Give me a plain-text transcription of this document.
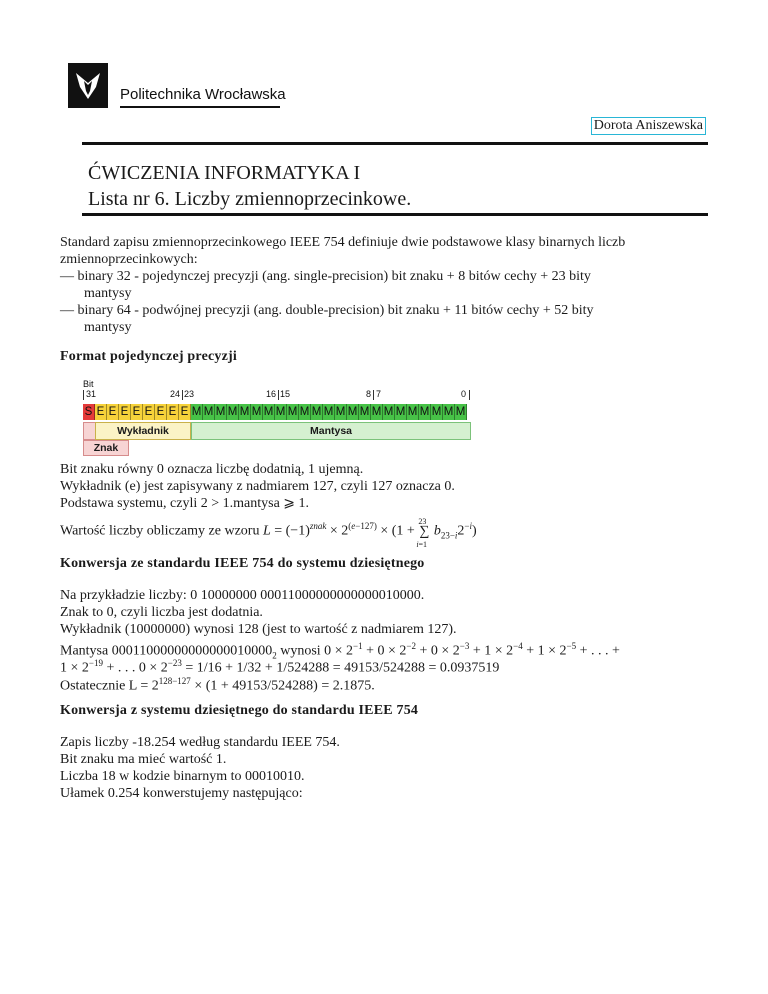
Politechnika Wrocławska
Dorota Aniszewska
ĆWICZENIA INFORMATYKA I
Lista nr 6. Liczby zmiennoprzecinkowe.
Standard zapisu zmiennoprzecinkowego IEEE 754 definiuje dwie podstawowe klasy binarnych liczb zmiennoprzecinkowych:
— binary 32 - pojedynczej precyzji (ang. single-precision) bit znaku + 8 bitów cechy + 23 bity
mantysy
— binary 64 - podwójnej precyzji (ang. double-precision) bit znaku + 11 bitów cechy + 52 bity
mantysy
Format pojedynczej precyzji
Bit
31	24 23	16 15	8 7	0
S E E E E E E E E M M M M M M M M M M M M M M M M M M M M M M M
Wykładnik	Mantysa
Znak
Bit znaku równy 0 oznacza liczbę dodatnią, 1 ujemną.
Wykładnik (e) jest zapisywany z nadmiarem 127, czyli 127 oznacza 0.
Podstawa systemu, czyli 2 > 1.mantysa ⩾ 1.
Wartość liczby obliczamy ze wzoru $L = (-1)^{znak} \times 2^{(e-127)} \times (1$ +
23
∑
i=1
$b_{23-i}2^{-i}$)
Konwersja ze standardu IEEE 754 do systemu dziesiętnego
Na przykładzie liczby: 0 10000000 00011000000000000010000.
Znak to 0, czyli liczba jest dodatnia.
Wykładnik (10000000) wynosi 128 (jest to wartość z nadmiarem 127).
Mantysa $00011000000000000010000_2$ wynosi $0 \times 2^{-1} + 0 \times 2^{-2} + 0 \times 2^{-3} + 1 \times 2^{-4} + 1 \times 2^{-5}$ + . . . +
$1 \times 2^{-19}$ + . . . $0 \times 2^{-23} = 1/16 + 1/32 + 1/524288 = 49153/524288 = 0.0937519$
Ostatecznie $L = 2^{128-127} \times (1 + 49153/524288) = 2.1875$.
Konwersja z systemu dziesiętnego do standardu IEEE 754
Zapis liczby -18.254 według standardu IEEE 754.
Bit znaku ma mieć wartość 1.
Liczba 18 w kodzie binarnym to 00010010.
Ułamek 0.254 konwerstujemy następująco:
